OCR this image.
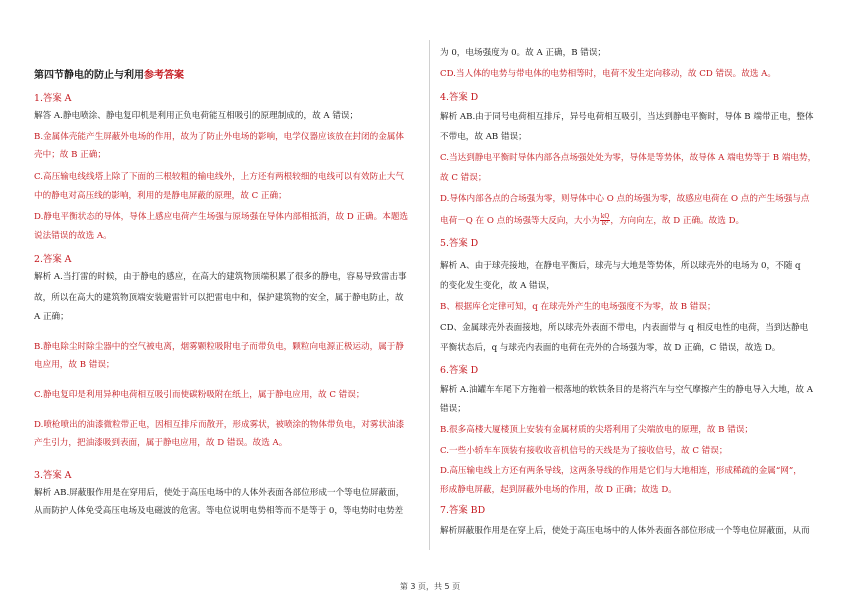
第四节静电的防止与利用参考答案
1.答案 A
解答 A.静电喷涂、静电复印机是利用正负电荷能互相吸引的原理制成的，故 A 错误；
B.金属体壳能产生屏蔽外电场的作用，故为了防止外电场的影响，电学仪器应该放在封闭的金属体
壳中；故 B 正确；
C.高压输电线线塔上除了下面的三根较粗的输电线外，上方还有两根较细的电线可以有效防止大气
中的静电对高压线的影响，利用的是静电屏蔽的原理，故 C 正确；
D.静电平衡状态的导体，导体上感应电荷产生场强与原场强在导体内部相抵消，故 D 正确。本题选
说法错误的故选 A。
2.答案 A
解析 A.当打雷的时候，由于静电的感应，在高大的建筑物顶端积累了很多的静电，容易导致雷击事
故，所以在高大的建筑物顶端安装避雷针可以把雷电中和，保护建筑物的安全，属于静电防止，故
A 正确；
B.静电除尘时除尘器中的空气被电离，烟雾颗粒吸附电子而带负电，颗粒向电源正极运动，属于静
电应用，故 B 错误；
C.静电复印是利用异种电荷相互吸引而使碳粉吸附在纸上，属于静电应用，故 C 错误；
D.喷枪喷出的油漆微粒带正电，因相互排斥而散开，形成雾状，被喷涂的物体带负电，对雾状油漆
产生引力，把油漆吸到表面，属于静电应用，故 D 错误。故选 A。
3.答案 A
解析 AB.屏蔽服作用是在穿用后，使处于高压电场中的人体外表面各部位形成一个等电位屏蔽面，
从而防护人体免受高压电场及电磁波的危害。等电位说明电势相等而不是等于 0，等电势时电势差
为 0，电场强度为 0。故 A 正确，B 错误；
CD.当人体的电势与带电体的电势相等时，电荷不发生定向移动，故 CD 错误。故选 A。
4.答案 D
解析 AB.由于同号电荷相互排斥，异号电荷相互吸引，当达到静电平衡时，导体 B 端带正电，整体
不带电，故 AB 错误；
C.当达到静电平衡时导体内部各点场强处处为零，导体是等势体，故导体 A 端电势等于 B 端电势，
故 C 错误；
D.导体内部各点的合场强为零，则导体中心 O 点的场强为零，故感应电荷在 O 点的产生场强与点
电荷－Q 在 O 点的场强等大反向，大小为 $\frac{kQ}{\text{R²}}$ ，方向向左，故 D 正确。故选 D。
5.答案 D
解析 A、由于球壳接地，在静电平衡后，球壳与大地是等势体，所以球壳外的电场为 0，不随 q
的变化发生变化，故 A 错误，
B、根据库仑定律可知，q 在球壳外产生的电场强度不为零，故 B 错误；
CD、金属球壳外表面接地，所以球壳外表面不带电，内表面带与 q 相反电性的电荷，当到达静电
平衡状态后，q 与球壳内表面的电荷在壳外的合场强为零，故 D 正确，C 错误，故选 D。
6.答案 D
解析 A.油罐车车尾下方拖着一根落地的软铁条目的是将汽车与空气摩擦产生的静电导入大地，故 A
错误；
B.很多高楼大厦楼顶上安装有金属材质的尖塔利用了尖端放电的原理，故 B 错误；
C.一些小轿车车顶装有接收收音机信号的天线是为了接收信号，故 C 错误；
D.高压输电线上方还有两条导线，这两条导线的作用是它们与大地相连，形成稀疏的金属“网”，
形成静电屏蔽，起到屏蔽外电场的作用，故 D 正确；故选 D。
7.答案 BD
解析屏蔽服作用是在穿上后，使处于高压电场中的人体外表面各部位形成一个等电位屏蔽面，从而
第 3 页，共 5 页
